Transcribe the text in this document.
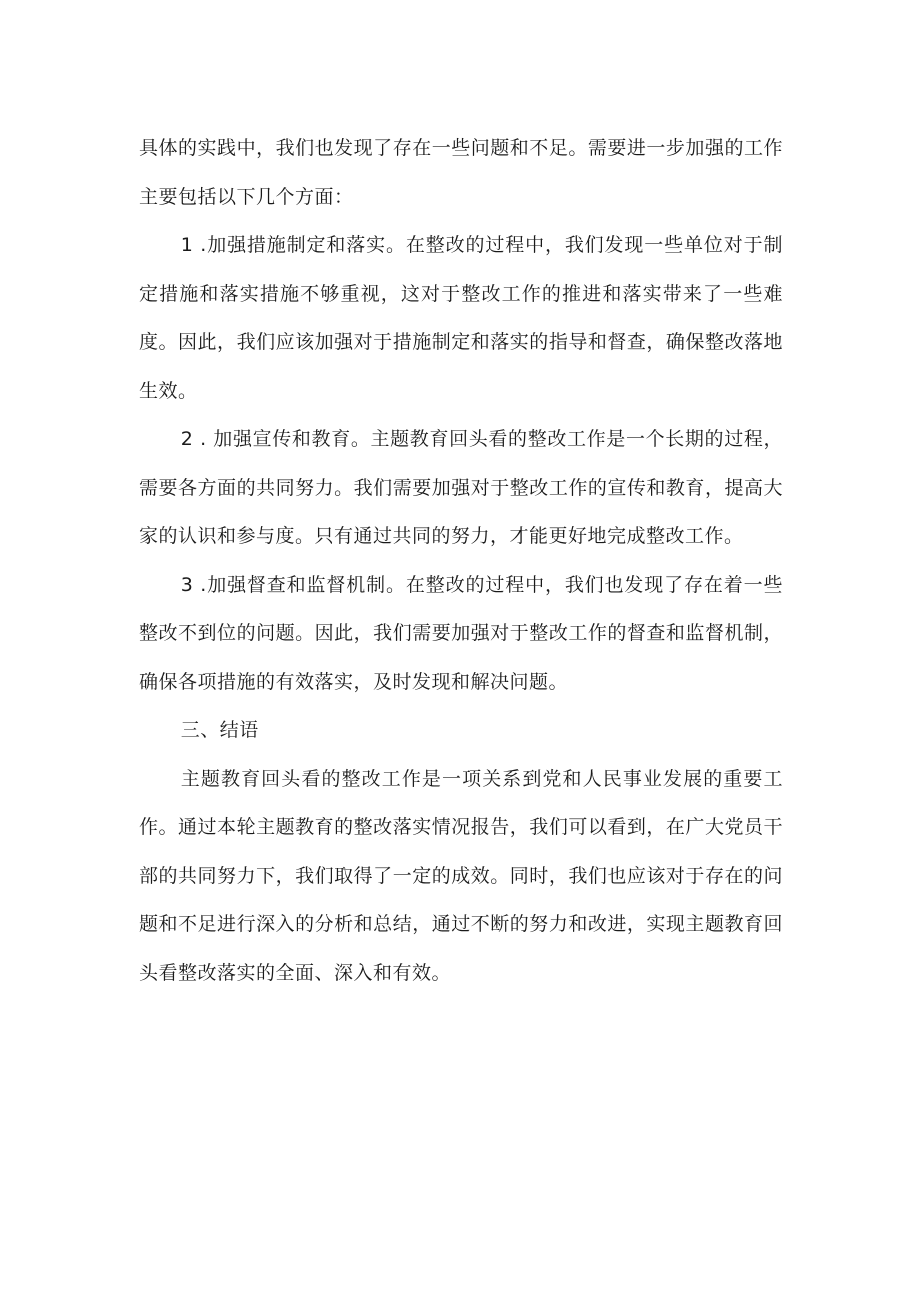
具体的实践中，我们也发现了存在一些问题和不足。需要进一步加强的工作主要包括以下几个方面：

1 .加强措施制定和落实。在整改的过程中，我们发现一些单位对于制定措施和落实措施不够重视，这对于整改工作的推进和落实带来了一些难度。因此，我们应该加强对于措施制定和落实的指导和督查，确保整改落地生效。

2 . 加强宣传和教育。主题教育回头看的整改工作是一个长期的过程，需要各方面的共同努力。我们需要加强对于整改工作的宣传和教育，提高大家的认识和参与度。只有通过共同的努力，才能更好地完成整改工作。

3 .加强督查和监督机制。在整改的过程中，我们也发现了存在着一些整改不到位的问题。因此，我们需要加强对于整改工作的督查和监督机制，确保各项措施的有效落实，及时发现和解决问题。

三、结语

主题教育回头看的整改工作是一项关系到党和人民事业发展的重要工作。通过本轮主题教育的整改落实情况报告，我们可以看到，在广大党员干部的共同努力下，我们取得了一定的成效。同时，我们也应该对于存在的问题和不足进行深入的分析和总结，通过不断的努力和改进，实现主题教育回头看整改落实的全面、深入和有效。
